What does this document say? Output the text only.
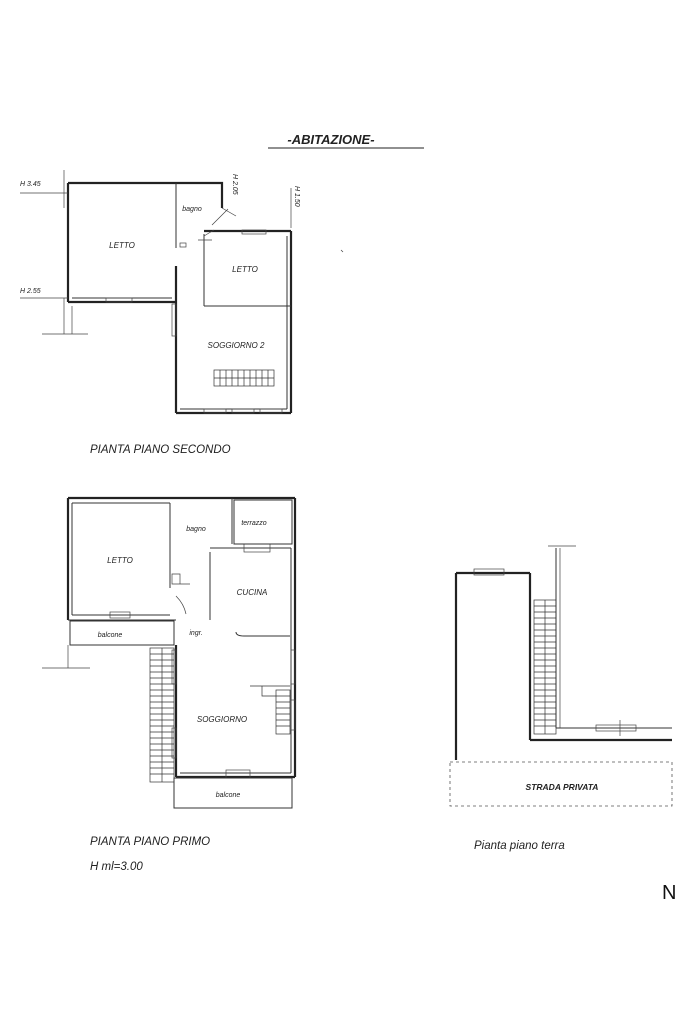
-ABITAZIONE-
H 3.45
H 2.55
H 2.05
H 1.50
LETTO
bagno
LETTO
SOGGIORNO 2
PIANTA PIANO SECONDO
LETTO
bagno
terrazzo
CUCINA
ingr.
balcone
SOGGIORNO
balcone
PIANTA PIANO PRIMO
H ml=3.00
STRADA PRIVATA
Pianta piano terra
N
